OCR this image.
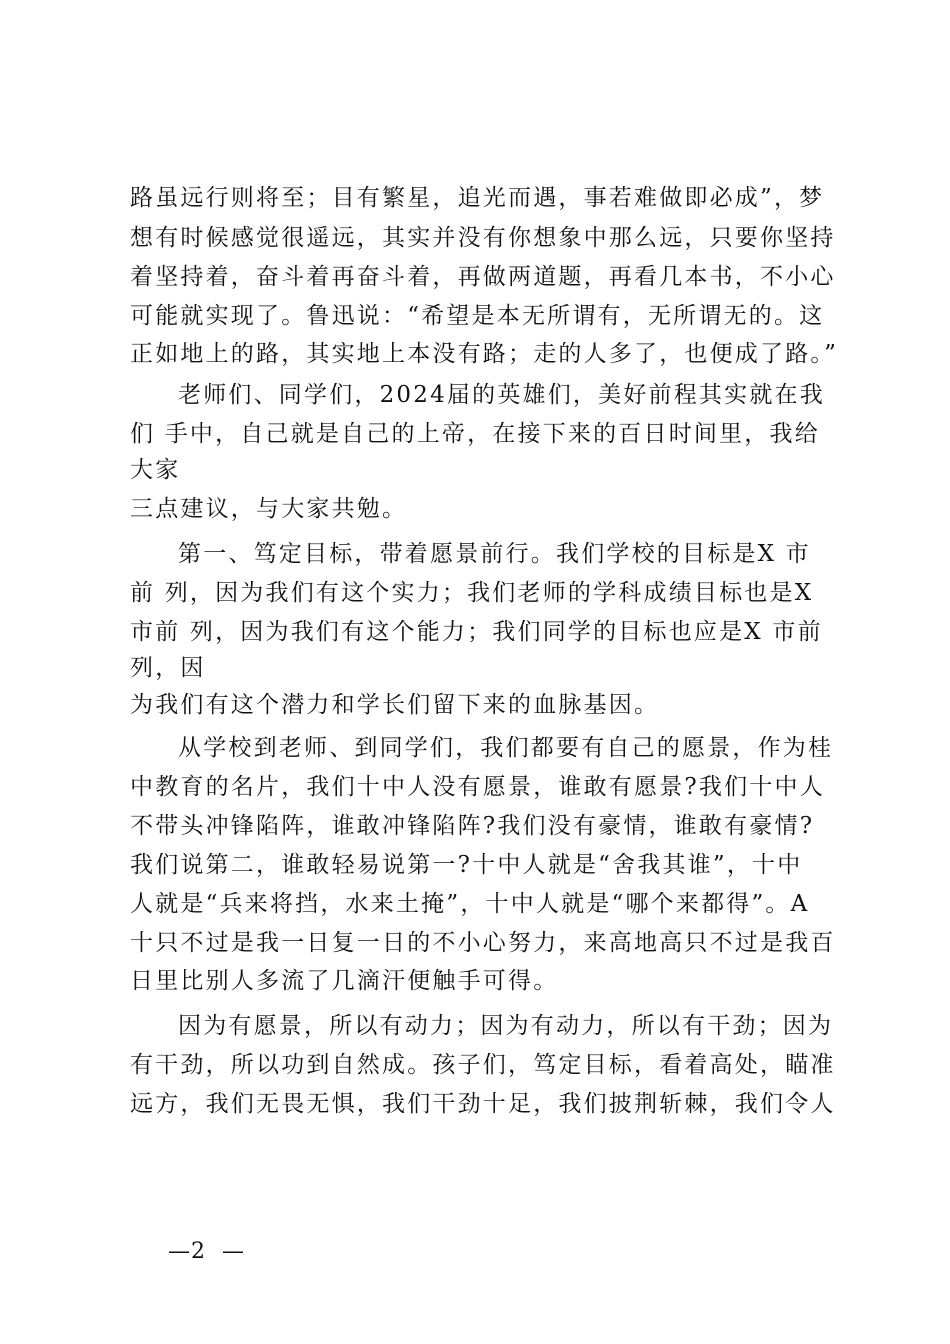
路虽远行则将至；目有繁星，追光而遇，事若难做即必成”，梦
想有时候感觉很遥远，其实并没有你想象中那么远，只要你坚持
着坚持着，奋斗着再奋斗着，再做两道题，再看几本书，不小心
可能就实现了。鲁迅说：“希望是本无所谓有，无所谓无的。这
正如地上的路，其实地上本没有路；走的人多了，也便成了路。”
老师们、同学们，2024届的英雄们，美好前程其实就在我
们 手中，自己就是自己的上帝，在接下来的百日时间里，我给
大家
三点建议，与大家共勉。
第一、笃定目标，带着愿景前行。我们学校的目标是X 市
前 列，因为我们有这个实力；我们老师的学科成绩目标也是X
市前 列，因为我们有这个能力；我们同学的目标也应是X 市前
列，因
为我们有这个潜力和学长们留下来的血脉基因。
从学校到老师、到同学们，我们都要有自己的愿景，作为桂
中教育的名片，我们十中人没有愿景，谁敢有愿景?我们十中人
不带头冲锋陷阵，谁敢冲锋陷阵?我们没有豪情，谁敢有豪情?
我们说第二，谁敢轻易说第一?十中人就是“舍我其谁”，十中
人就是“兵来将挡，水来土掩”，十中人就是“哪个来都得”。A
十只不过是我一日复一日的不小心努力，来高地高只不过是我百
日里比别人多流了几滴汗便触手可得。
因为有愿景，所以有动力；因为有动力，所以有干劲；因为
有干劲，所以功到自然成。孩子们，笃定目标，看着高处，瞄准
远方，我们无畏无惧，我们干劲十足，我们披荆斩棘，我们令人
—2  —
